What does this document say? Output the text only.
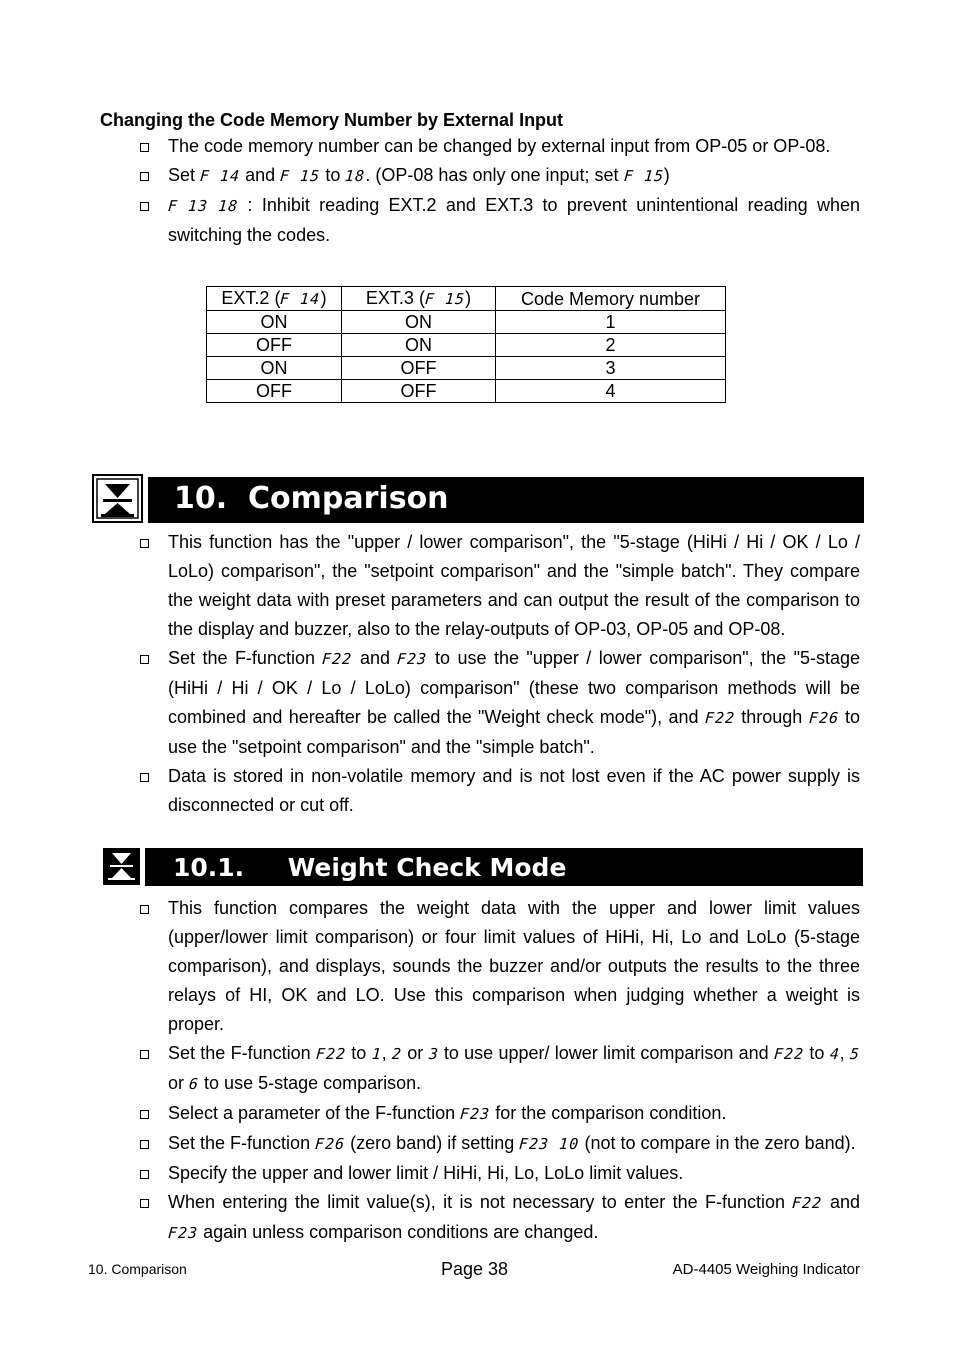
Changing the Code Memory Number by External Input
The code memory number can be changed by external input from OP-05 or OP-08.
Set F 14 and F 15 to 18. (OP-08 has only one input; set F 15)
F 13 18 : Inhibit reading EXT.2 and EXT.3 to prevent unintentional reading when switching the codes.
EXT.2 (F 14)	EXT.3 (F 15)	Code Memory number
ON	ON	1
OFF	ON	2
ON	OFF	3
OFF	OFF	4
10.  Comparison
This function has the "upper / lower comparison", the "5-stage (HiHi / Hi / OK / Lo / LoLo) comparison", the "setpoint comparison" and the "simple batch". They compare the weight data with preset parameters and can output the result of the comparison to the display and buzzer, also to the relay-outputs of OP-03, OP-05 and OP-08.
Set the F-function F22 and F23 to use the "upper / lower comparison", the "5-stage (HiHi / Hi / OK / Lo / LoLo) comparison" (these two comparison methods will be combined and hereafter be called the "Weight check mode"), and F22 through F26 to use the "setpoint comparison" and the "simple batch".
Data is stored in non-volatile memory and is not lost even if the AC power supply is disconnected or cut off.
10.1.     Weight Check Mode
This function compares the weight data with the upper and lower limit values (upper/lower limit comparison) or four limit values of HiHi, Hi, Lo and LoLo (5-stage comparison), and displays, sounds the buzzer and/or outputs the results to the three relays of HI, OK and LO. Use this comparison when judging whether a weight is proper.
Set the F-function F22 to 1, 2 or 3 to use upper/ lower limit comparison and F22 to 4, 5 or 6 to use 5-stage comparison.
Select a parameter of the F-function F23 for the comparison condition.
Set the F-function F26 (zero band) if setting F23 10 (not to compare in the zero band).
Specify the upper and lower limit / HiHi, Hi, Lo, LoLo limit values.
When entering the limit value(s), it is not necessary to enter the F-function F22 and F23 again unless comparison conditions are changed.
10. Comparison	Page 38	AD-4405 Weighing Indicator
